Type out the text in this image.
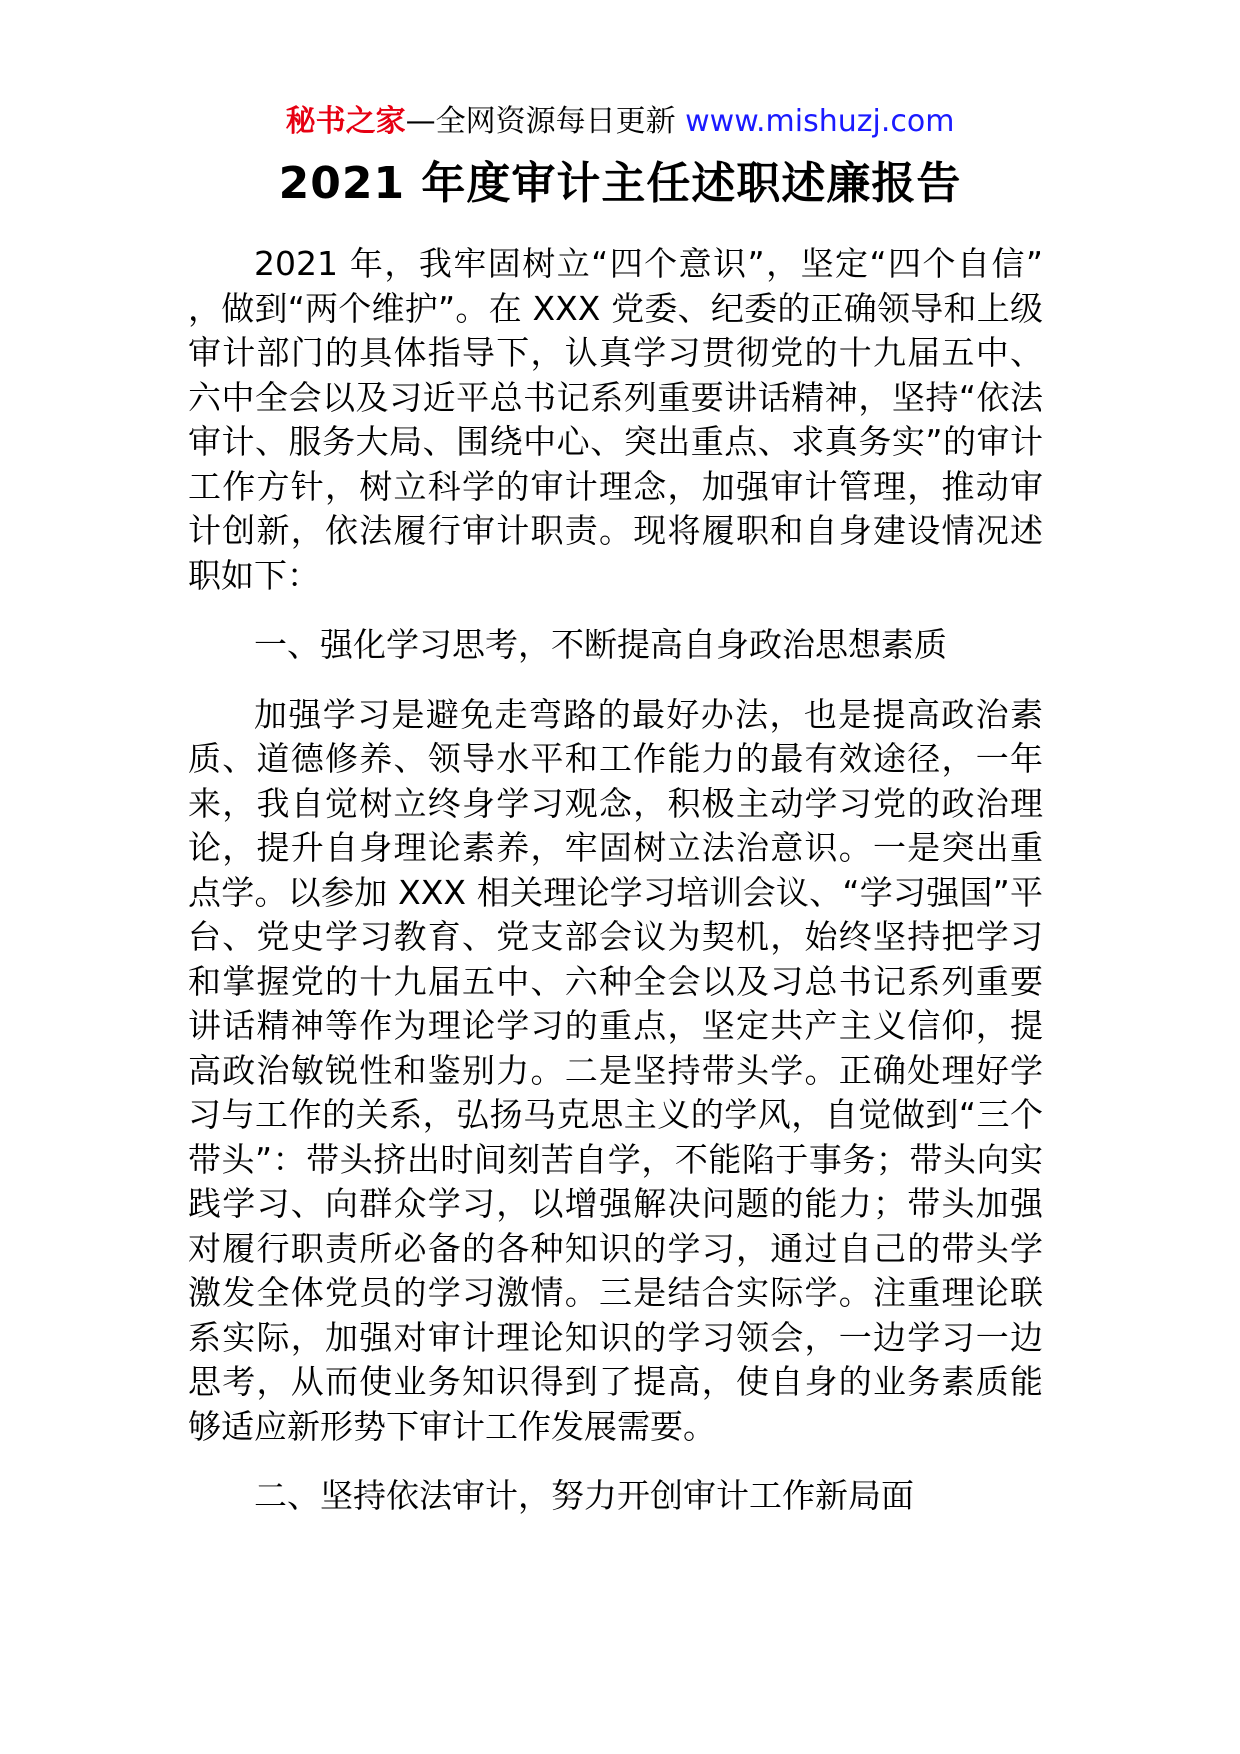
秘书之家—全网资源每日更新 www.mishuzj.com
2021 年度审计主任述职述廉报告

2021 年，我牢固树立“四个意识”，坚定“四个自信”，做到“两个维护”。在 XXX 党委、纪委的正确领导和上级审计部门的具体指导下，认真学习贯彻党的十九届五中、六中全会以及习近平总书记系列重要讲话精神，坚持“依法审计、服务大局、围绕中心、突出重点、求真务实”的审计工作方针，树立科学的审计理念，加强审计管理，推动审计创新，依法履行审计职责。现将履职和自身建设情况述职如下：

一、强化学习思考，不断提高自身政治思想素质

加强学习是避免走弯路的最好办法，也是提高政治素质、道德修养、领导水平和工作能力的最有效途径，一年来，我自觉树立终身学习观念，积极主动学习党的政治理论，提升自身理论素养，牢固树立法治意识。一是突出重点学。以参加 XXX 相关理论学习培训会议、“学习强国”平台、党史学习教育、党支部会议为契机，始终坚持把学习和掌握党的十九届五中、六种全会以及习总书记系列重要讲话精神等作为理论学习的重点，坚定共产主义信仰，提高政治敏锐性和鉴别力。二是坚持带头学。正确处理好学习与工作的关系，弘扬马克思主义的学风，自觉做到“三个带头”：带头挤出时间刻苦自学，不能陷于事务；带头向实践学习、向群众学习，以增强解决问题的能力；带头加强对履行职责所必备的各种知识的学习，通过自己的带头学激发全体党员的学习激情。三是结合实际学。注重理论联系实际，加强对审计理论知识的学习领会，一边学习一边思考，从而使业务知识得到了提高，使自身的业务素质能够适应新形势下审计工作发展需要。

二、坚持依法审计，努力开创审计工作新局面
